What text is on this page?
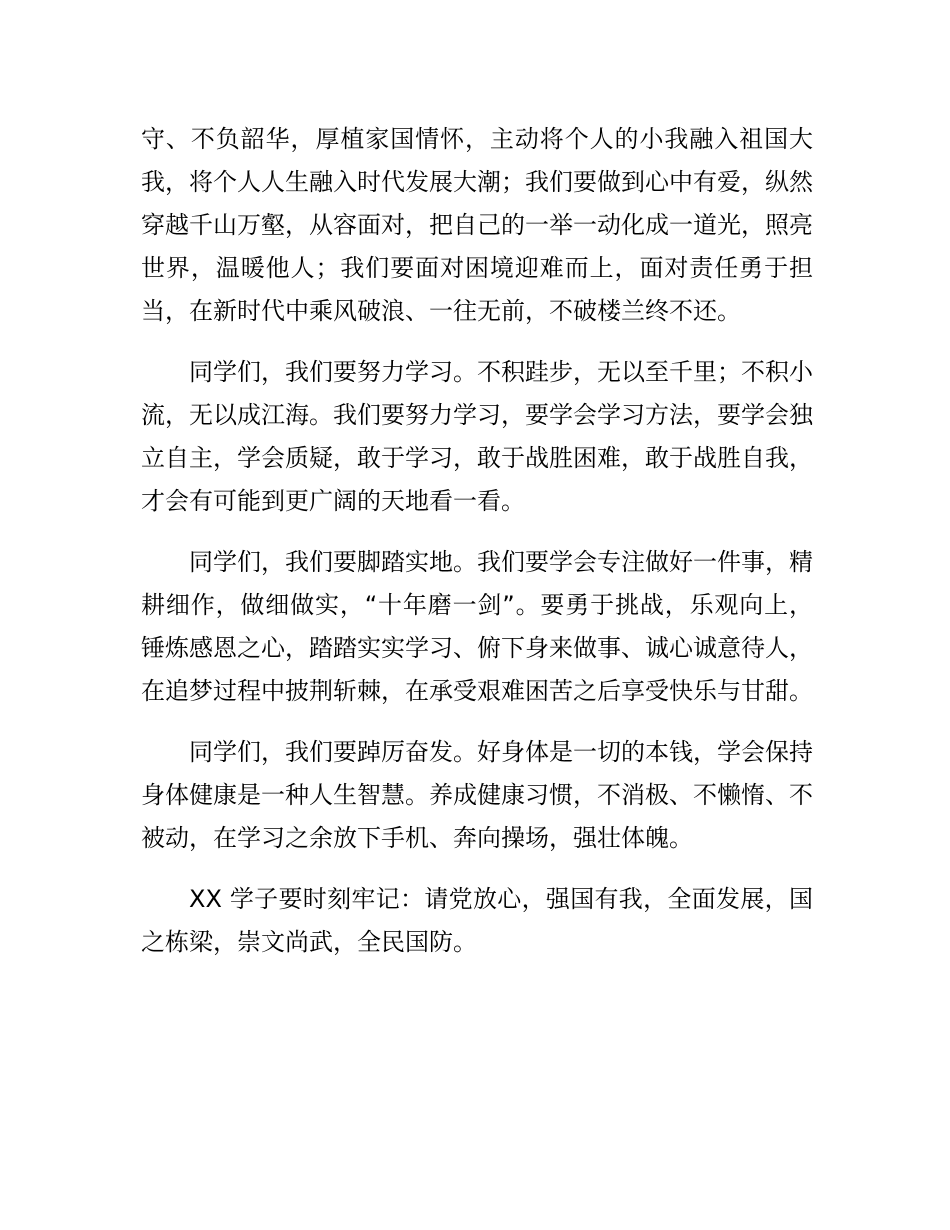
守、不负韶华，厚植家国情怀，主动将个人的小我融入祖国大我，将个人人生融入时代发展大潮；我们要做到心中有爱，纵然穿越千山万壑，从容面对，把自己的一举一动化成一道光，照亮世界，温暖他人；我们要面对困境迎难而上，面对责任勇于担当，在新时代中乘风破浪、一往无前，不破楼兰终不还。

同学们，我们要努力学习。不积跬步，无以至千里；不积小流，无以成江海。我们要努力学习，要学会学习方法，要学会独立自主，学会质疑，敢于学习，敢于战胜困难，敢于战胜自我，才会有可能到更广阔的天地看一看。

同学们，我们要脚踏实地。我们要学会专注做好一件事，精耕细作，做细做实，“十年磨一剑”。要勇于挑战，乐观向上，锤炼感恩之心，踏踏实实学习、俯下身来做事、诚心诚意待人，在追梦过程中披荆斩棘，在承受艰难困苦之后享受快乐与甘甜。

同学们，我们要踔厉奋发。好身体是一切的本钱，学会保持身体健康是一种人生智慧。养成健康习惯，不消极、不懒惰、不被动，在学习之余放下手机、奔向操场，强壮体魄。

XX 学子要时刻牢记：请党放心，强国有我，全面发展，国之栋梁，崇文尚武，全民国防。
